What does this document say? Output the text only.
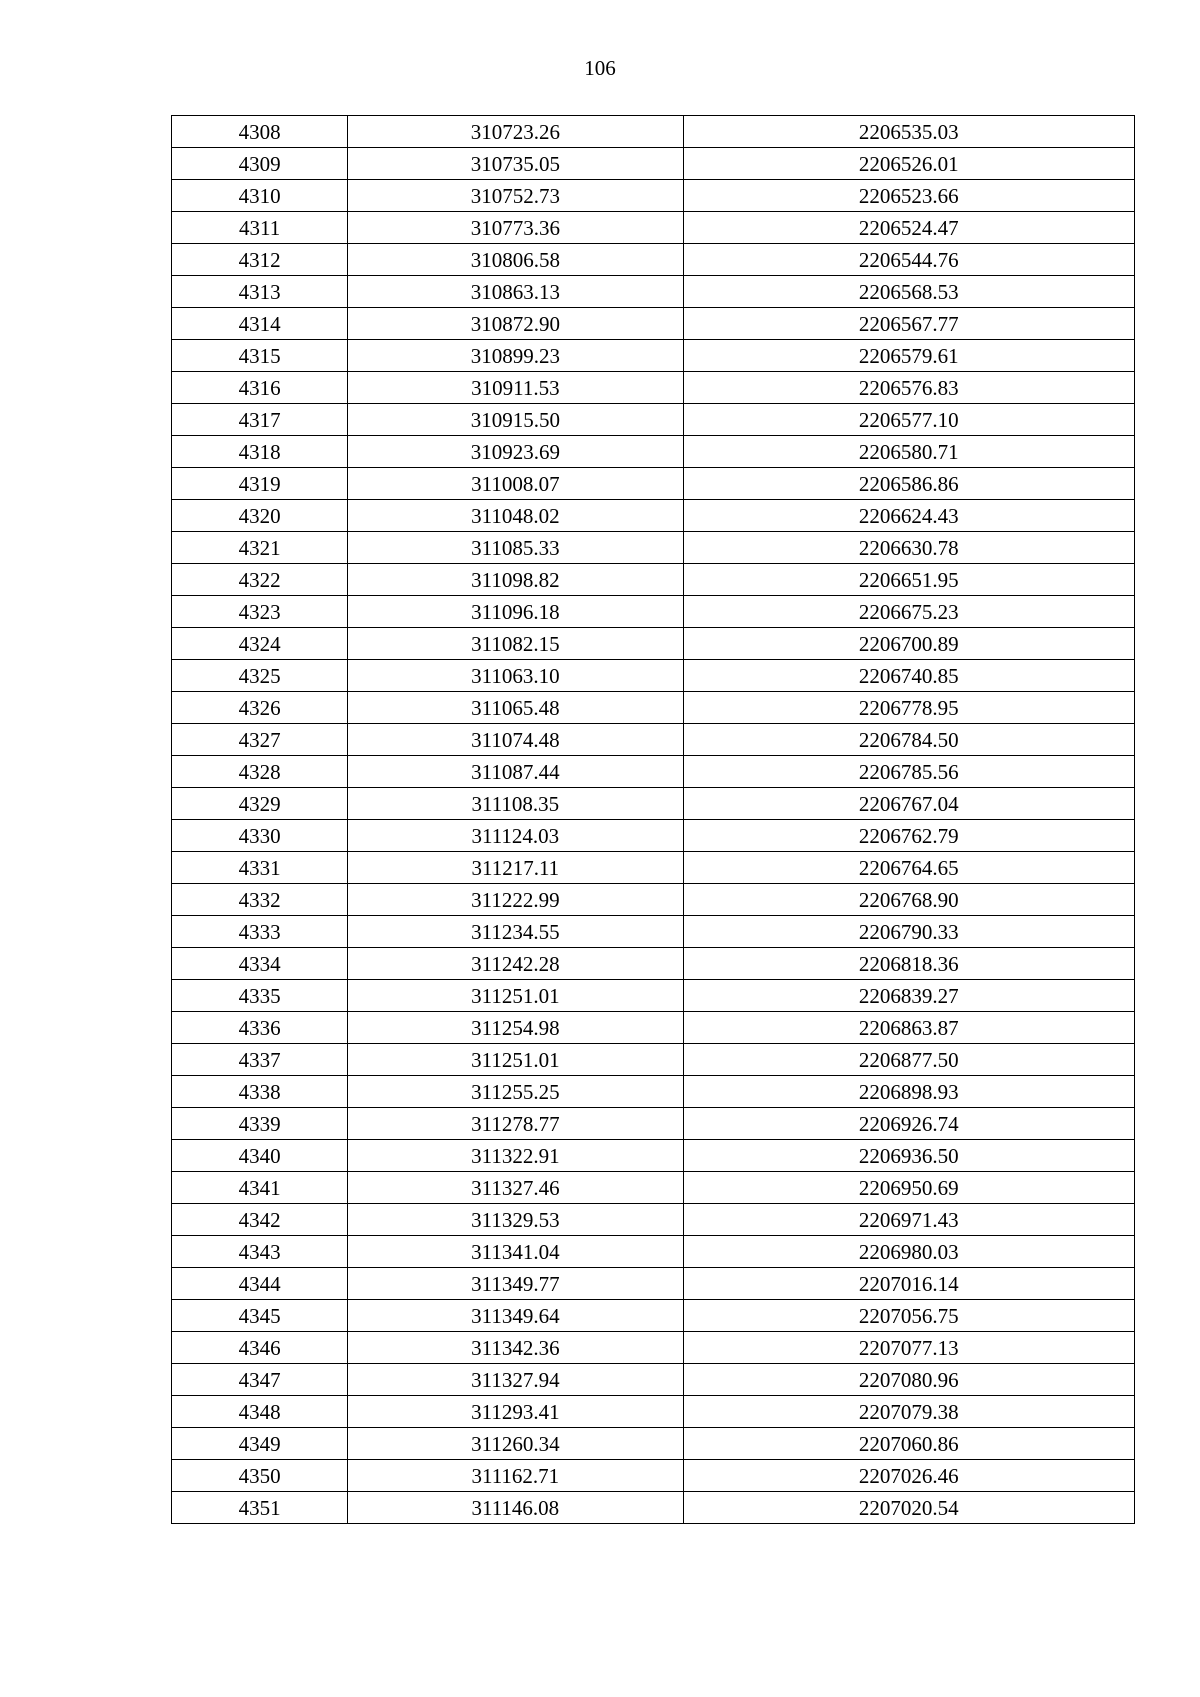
106
4308	310723.26	2206535.03
4309	310735.05	2206526.01
4310	310752.73	2206523.66
4311	310773.36	2206524.47
4312	310806.58	2206544.76
4313	310863.13	2206568.53
4314	310872.90	2206567.77
4315	310899.23	2206579.61
4316	310911.53	2206576.83
4317	310915.50	2206577.10
4318	310923.69	2206580.71
4319	311008.07	2206586.86
4320	311048.02	2206624.43
4321	311085.33	2206630.78
4322	311098.82	2206651.95
4323	311096.18	2206675.23
4324	311082.15	2206700.89
4325	311063.10	2206740.85
4326	311065.48	2206778.95
4327	311074.48	2206784.50
4328	311087.44	2206785.56
4329	311108.35	2206767.04
4330	311124.03	2206762.79
4331	311217.11	2206764.65
4332	311222.99	2206768.90
4333	311234.55	2206790.33
4334	311242.28	2206818.36
4335	311251.01	2206839.27
4336	311254.98	2206863.87
4337	311251.01	2206877.50
4338	311255.25	2206898.93
4339	311278.77	2206926.74
4340	311322.91	2206936.50
4341	311327.46	2206950.69
4342	311329.53	2206971.43
4343	311341.04	2206980.03
4344	311349.77	2207016.14
4345	311349.64	2207056.75
4346	311342.36	2207077.13
4347	311327.94	2207080.96
4348	311293.41	2207079.38
4349	311260.34	2207060.86
4350	311162.71	2207026.46
4351	311146.08	2207020.54
